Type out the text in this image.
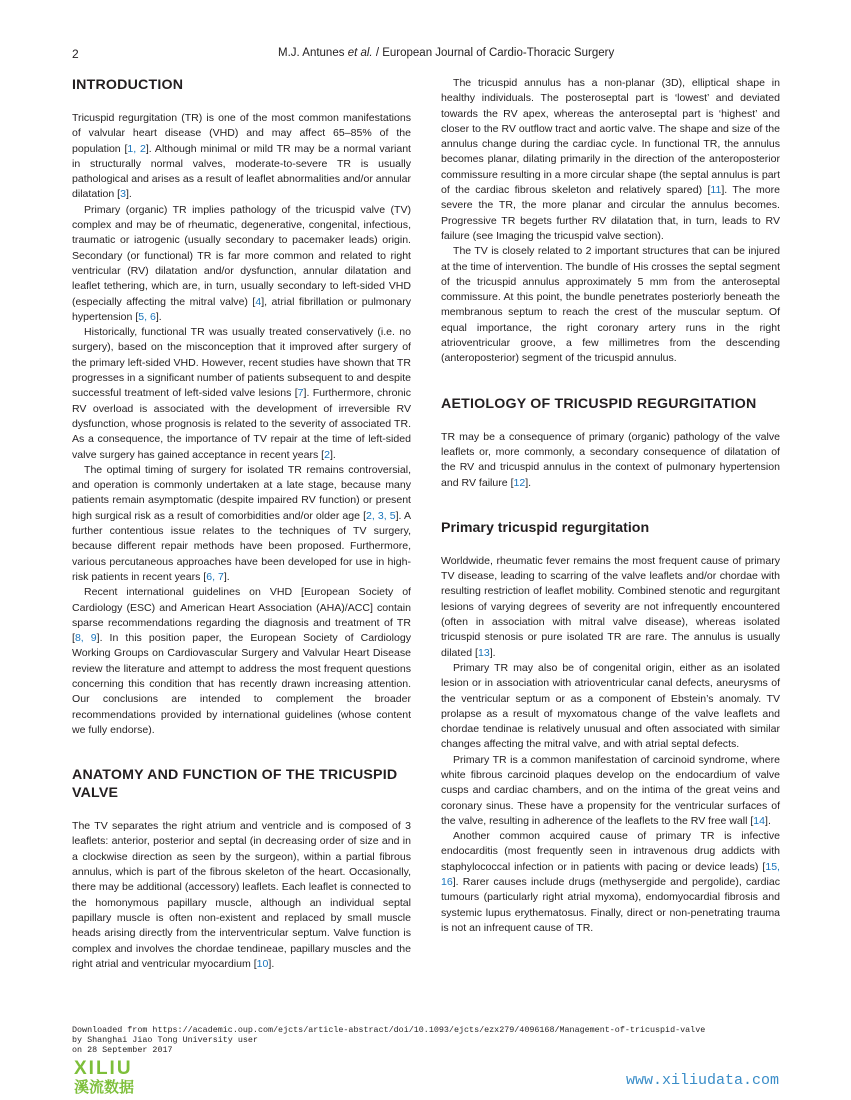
2	M.J. Antunes et al. / European Journal of Cardio-Thoracic Surgery
INTRODUCTION

Tricuspid regurgitation (TR) is one of the most common manifestations of valvular heart disease (VHD) and may affect 65–85% of the population [1, 2]. Although minimal or mild TR may be a normal variant in structurally normal valves, moderate-to-severe TR is usually pathological and arises as a result of leaflet abnormalities and/or annular dilatation [3].

Primary (organic) TR implies pathology of the tricuspid valve (TV) complex and may be of rheumatic, degenerative, congenital, infectious, traumatic or iatrogenic (usually secondary to pacemaker leads) origin. Secondary (or functional) TR is far more common and related to right ventricular (RV) dilatation and/or dysfunction, annular dilatation and leaflet tethering, which are, in turn, usually secondary to left-sided VHD (especially affecting the mitral valve) [4], atrial fibrillation or pulmonary hypertension [5, 6].

Historically, functional TR was usually treated conservatively (i.e. no surgery), based on the misconception that it improved after surgery of the primary left-sided VHD. However, recent studies have shown that TR progresses in a significant number of patients subsequent to and despite successful treatment of left-sided valve lesions [7]. Furthermore, chronic RV overload is associated with the development of irreversible RV dysfunction, whose prognosis is related to the severity of associated TR. As a consequence, the importance of TV repair at the time of left-sided valve surgery has gained acceptance in recent years [2].

The optimal timing of surgery for isolated TR remains controversial, and operation is commonly undertaken at a late stage, because many patients remain asymptomatic (despite impaired RV function) or present high surgical risk as a result of comorbidities and/or older age [2, 3, 5]. A further contentious issue relates to the techniques of TV surgery, because different repair methods have been proposed. Furthermore, various percutaneous approaches have been developed for use in high-risk patients in recent years [6, 7].

Recent international guidelines on VHD [European Society of Cardiology (ESC) and American Heart Association (AHA)/ACC] contain sparse recommendations regarding the diagnosis and treatment of TR [8, 9]. In this position paper, the European Society of Cardiology Working Groups on Cardiovascular Surgery and Valvular Heart Disease review the literature and attempt to address the most frequent questions concerning this condition that has recently drawn increasing attention. Our conclusions are intended to complement the broader recommendations provided by international guidelines (whose content we fully endorse).

ANATOMY AND FUNCTION OF THE TRICUSPID VALVE

The TV separates the right atrium and ventricle and is composed of 3 leaflets: anterior, posterior and septal (in decreasing order of size and in a clockwise direction as seen by the surgeon), within a partial fibrous annulus, which is part of the fibrous skeleton of the heart. Occasionally, there may be additional (accessory) leaflets. Each leaflet is connected to the homonymous papillary muscle, although an individual septal papillary muscle is often non-existent and replaced by small muscle heads arising directly from the interventricular septum. Valve function is complex and involves the chordae tendineae, papillary muscles and the right atrial and ventricular myocardium [10].

The tricuspid annulus has a non-planar (3D), elliptical shape in healthy individuals. The posteroseptal part is ‘lowest’ and deviated towards the RV apex, whereas the anteroseptal part is ‘highest’ and closer to the RV outflow tract and aortic valve. The shape and size of the annulus change during the cardiac cycle. In functional TR, the annulus becomes planar, dilating primarily in the direction of the anteroposterior commissure resulting in a more circular shape (the septal annulus is part of the cardiac fibrous skeleton and relatively spared) [11]. The more severe the TR, the more planar and circular the annulus becomes. Progressive TR begets further RV dilatation that, in turn, leads to RV failure (see Imaging the tricuspid valve section).

The TV is closely related to 2 important structures that can be injured at the time of intervention. The bundle of His crosses the septal segment of the tricuspid annulus approximately 5 mm from the anteroseptal commissure. At this point, the bundle penetrates posteriorly beneath the membranous septum to reach the crest of the muscular septum. Of equal importance, the right coronary artery runs in the right atrioventricular groove, a few millimetres from the descending (anteroposterior) segment of the tricuspid annulus.

AETIOLOGY OF TRICUSPID REGURGITATION

TR may be a consequence of primary (organic) pathology of the valve leaflets or, more commonly, a secondary consequence of dilatation of the RV and tricuspid annulus in the context of pulmonary hypertension and RV failure [12].

Primary tricuspid regurgitation

Worldwide, rheumatic fever remains the most frequent cause of primary TV disease, leading to scarring of the valve leaflets and/or chordae with resulting restriction of leaflet mobility. Combined stenotic and regurgitant lesions of varying degrees of severity are not infrequently encountered (often in association with mitral valve disease), whereas isolated tricuspid stenosis or pure isolated TR are rare. The annulus is usually dilated [13].

Primary TR may also be of congenital origin, either as an isolated lesion or in association with atrioventricular canal defects, aneurysms of the ventricular septum or as a component of Ebstein’s anomaly. TV prolapse as a result of myxomatous change of the valve leaflets and chordae tendinae is relatively unusual and often associated with similar changes affecting the mitral valve, and with atrial septal defects.

Primary TR is a common manifestation of carcinoid syndrome, where white fibrous carcinoid plaques develop on the endocardium of valve cusps and cardiac chambers, and on the intima of the great veins and coronary sinus. These have a propensity for the ventricular surfaces of the valve, resulting in adherence of the leaflets to the RV free wall [14].

Another common acquired cause of primary TR is infective endocarditis (most frequently seen in intravenous drug addicts with staphylococcal infection or in patients with pacing or device leads) [15, 16]. Rarer causes include drugs (methysergide and pergolide), cardiac tumours (particularly right atrial myxoma), endomyocardial fibrosis and systemic lupus erythematosus. Finally, direct or non-penetrating trauma is not an infrequent cause of TR.

Downloaded from https://academic.oup.com/ejcts/article-abstract/doi/10.1093/ejcts/ezx279/4096168/Management-of-tricuspid-valve
by Shanghai Jiao Tong University user
on 28 September 2017
XILIU
溪流数据	www.xiliudata.com
